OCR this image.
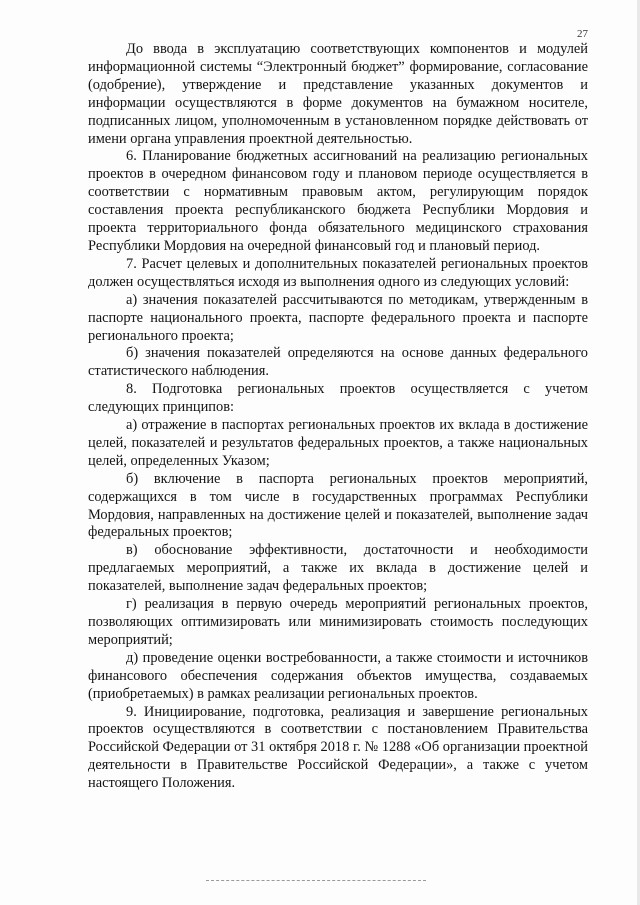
27

До ввода в эксплуатацию соответствующих компонентов и модулей информационной системы “Электронный бюджет” формирование, согласование (одобрение), утверждение и представление указанных документов и информации осуществляются в форме документов на бумажном носителе, подписанных лицом, уполномоченным в установленном порядке действовать от имени органа управления проектной деятельностью.

6. Планирование бюджетных ассигнований на реализацию региональных проектов в очередном финансовом году и плановом периоде осуществляется в соответствии с нормативным правовым актом, регулирующим порядок составления проекта республиканского бюджета Республики Мордовия и проекта территориального фонда обязательного медицинского страхования Республики Мордовия на очередной финансовый год и плановый период.

7. Расчет целевых и дополнительных показателей региональных проектов должен осуществляться исходя из выполнения одного из следующих условий:

а) значения показателей рассчитываются по методикам, утвержденным в паспорте национального проекта, паспорте федерального проекта и паспорте регионального проекта;

б) значения показателей определяются на основе данных федерального статистического наблюдения.

8. Подготовка региональных проектов осуществляется с учетом следующих принципов:

а) отражение в паспортах региональных проектов их вклада в достижение целей, показателей и результатов федеральных проектов, а также национальных целей, определенных Указом;

б) включение в паспорта региональных проектов мероприятий, содержащихся в том числе в государственных программах Республики Мордовия, направленных на достижение целей и показателей, выполнение задач федеральных проектов;

в) обоснование эффективности, достаточности и необходимости предлагаемых мероприятий, а также их вклада в достижение целей и показателей, выполнение задач федеральных проектов;

г) реализация в первую очередь мероприятий региональных проектов, позволяющих оптимизировать или минимизировать стоимость последующих мероприятий;

д) проведение оценки востребованности, а также стоимости и источников финансового обеспечения содержания объектов имущества, создаваемых (приобретаемых) в рамках реализации региональных проектов.

9. Инициирование, подготовка, реализация и завершение региональных проектов осуществляются в соответствии с постановлением Правительства Российской Федерации от 31 октября 2018 г. № 1288 «Об организации проектной деятельности в Правительстве Российской Федерации», а также с учетом настоящего Положения.
